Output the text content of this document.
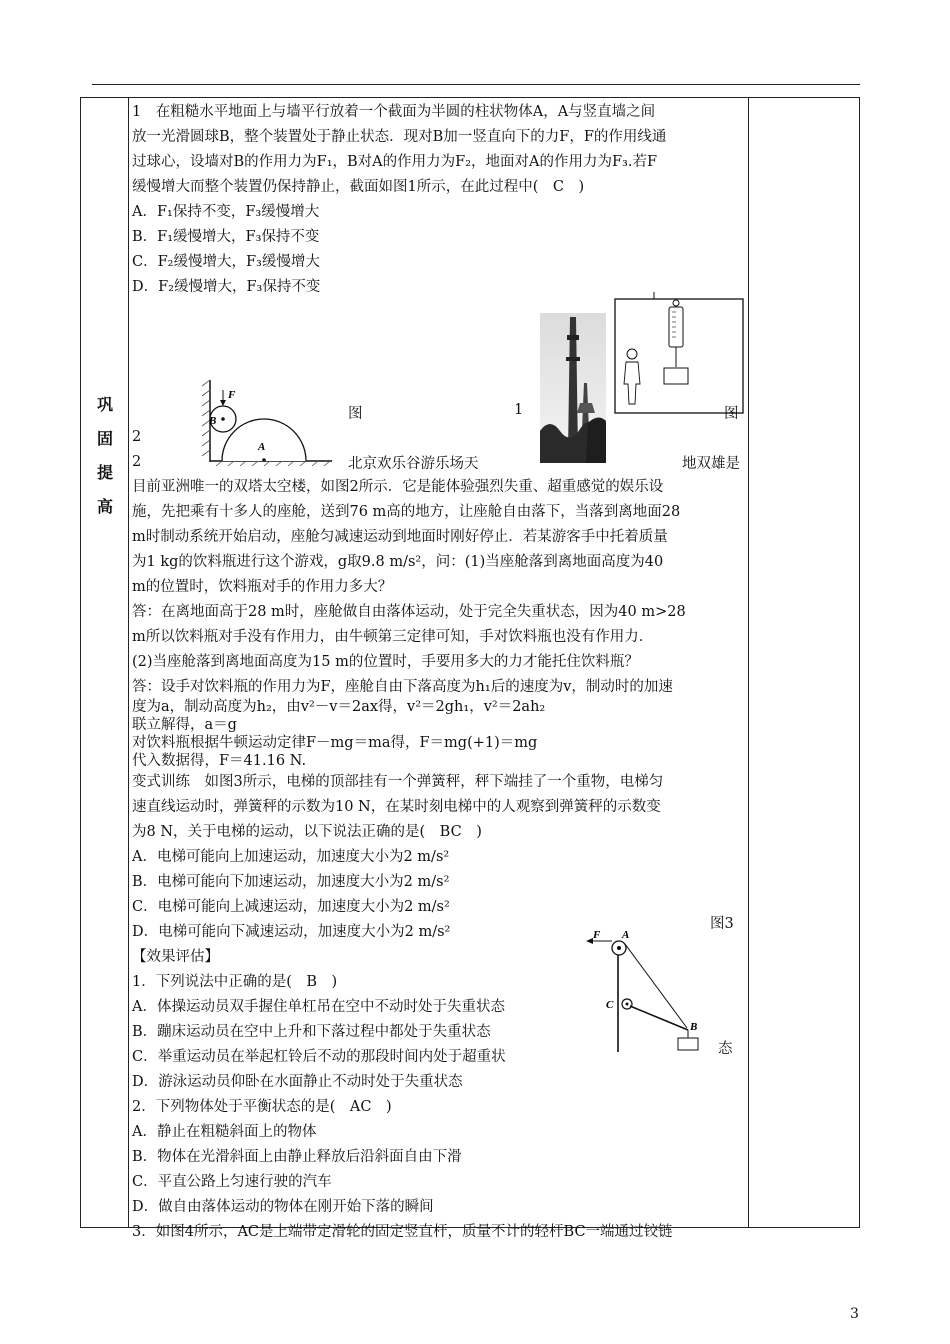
巩
固
提
高
1　在粗糙水平地面上与墙平行放着一个截面为半圆的柱状物体A，A与竖直墙之间
放一光滑圆球B，整个装置处于静止状态．现对B加一竖直向下的力F，F的作用线通
过球心，设墙对B的作用力为F₁，B对A的作用力为F₂，地面对A的作用力为F₃.若F
缓慢增大而整个装置仍保持静止，截面如图1所示，在此过程中(　C　)
A．F₁保持不变，F₃缓慢增大
B．F₁缓慢增大，F₃保持不变
C．F₂缓慢增大，F₃缓慢增大
D．F₂缓慢增大，F₃保持不变
2
2
目前亚洲唯一的双塔太空楼，如图2所示．它是能体验强烈失重、超重感觉的娱乐设
施，先把乘有十多人的座舱，送到76 m高的地方，让座舱自由落下，当落到离地面28
m时制动系统开始启动，座舱匀减速运动到地面时刚好停止．若某游客手中托着质量
为1 kg的饮料瓶进行这个游戏，g取9.8 m/s²，问：(1)当座舱落到离地面高度为40
m的位置时，饮料瓶对手的作用力多大？
答：在离地面高于28 m时，座舱做自由落体运动，处于完全失重状态，因为40 m>28
m所以饮料瓶对手没有作用力，由牛顿第三定律可知，手对饮料瓶也没有作用力．
(2)当座舱落到离地面高度为15 m的位置时，手要用多大的力才能托住饮料瓶？
答：设手对饮料瓶的作用力为F，座舱自由下落高度为h₁后的速度为v，制动时的加速
度为a，制动高度为h₂，由v²－v＝2ax得，v²＝2gh₁，v²＝2ah₂
联立解得，a＝g
对饮料瓶根据牛顿运动定律F－mg＝ma得，F＝mg(+1)＝mg
代入数据得，F＝41.16 N.
变式训练　如图3所示，电梯的顶部挂有一个弹簧秤，秤下端挂了一个重物，电梯匀
速直线运动时，弹簧秤的示数为10 N，在某时刻电梯中的人观察到弹簧秤的示数变
为8 N，关于电梯的运动，以下说法正确的是(　BC　)
A．电梯可能向上加速运动，加速度大小为2 m/s²
B．电梯可能向下加速运动，加速度大小为2 m/s²
C．电梯可能向上减速运动，加速度大小为2 m/s²
D．电梯可能向下减速运动，加速度大小为2 m/s²
【效果评估】
1．下列说法中正确的是(　B　)
A．体操运动员双手握住单杠吊在空中不动时处于失重状态
B．蹦床运动员在空中上升和下落过程中都处于失重状态
C．举重运动员在举起杠铃后不动的那段时间内处于超重状
D．游泳运动员仰卧在水面静止不动时处于失重状态
2．下列物体处于平衡状态的是(　AC　)
A．静止在粗糙斜面上的物体
B．物体在光滑斜面上由静止释放后沿斜面自由下滑
C．平直公路上匀速行驶的汽车
D．做自由落体运动的物体在刚开始下落的瞬间
3．如图4所示，AC是上端带定滑轮的固定竖直杆，质量不计的轻杆BC一端通过铰链
F
B
A
F A
C
B
图	1	图
北京欢乐谷游乐场天	地双雄是
图3
态
3
